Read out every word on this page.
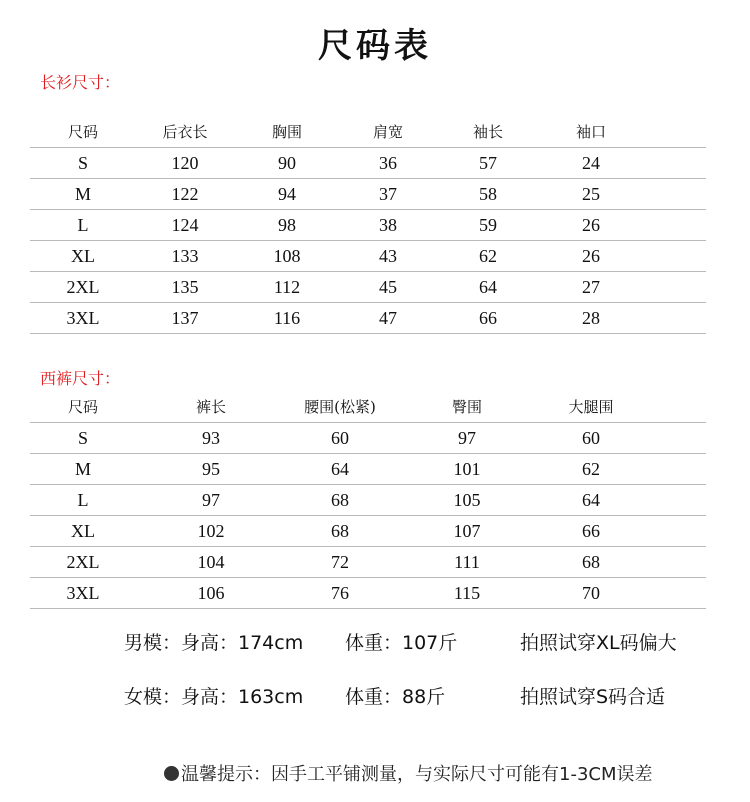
尺码表
长衫尺寸：
尺码	后衣长	胸围	肩宽	袖长	袖口
S	120	90	36	57	24
M	122	94	37	58	25
L	124	98	38	59	26
XL	133	108	43	62	26
2XL	135	112	45	64	27
3XL	137	116	47	66	28
西裤尺寸：
尺码	裤长	腰围(松紧)	臀围	大腿围
S	93	60	97	60
M	95	64	101	62
L	97	68	105	64
XL	102	68	107	66
2XL	104	72	111	68
3XL	106	76	115	70
男模：身高：174cm 体重：107斤	拍照试穿XL码偏大
女模：身高：163cm 体重：88斤	拍照试穿S码合适
温馨提示：因手工平铺测量，与实际尺寸可能有1-3CM误差
